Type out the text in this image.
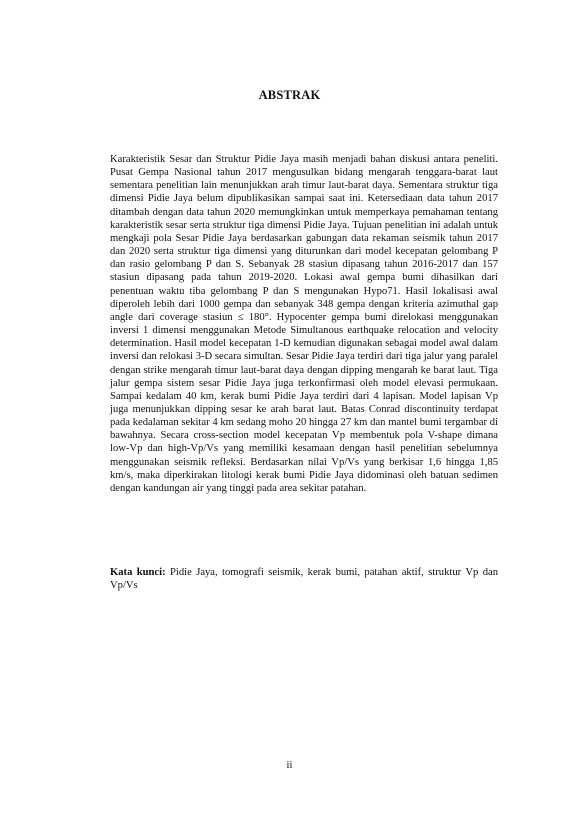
ABSTRAK

Karakteristik Sesar dan Struktur Pidie Jaya masih menjadi bahan diskusi antara peneliti. Pusat Gempa Nasional tahun 2017 mengusulkan bidang mengarah tenggara-barat laut sementara penelitian lain menunjukkan arah timur laut-barat daya. Sementara struktur tiga dimensi Pidie Jaya belum dipublikasikan sampai saat ini. Ketersediaan data tahun 2017 ditambah dengan data tahun 2020 memungkinkan untuk memperkaya pemahaman tentang karakteristik sesar serta struktur tiga dimensi Pidie Jaya. Tujuan penelitian ini adalah untuk mengkaji pola Sesar Pidie Jaya berdasarkan gabungan data rekaman seismik tahun 2017 dan 2020 serta struktur tiga dimensi yang diturunkan dari model kecepatan gelombang P dan rasio gelombang P dan S. Sebanyak 28 stasiun dipasang tahun 2016-2017 dan 157 stasiun dipasang pada tahun 2019-2020. Lokasi awal gempa bumi dihasilkan dari penentuan waktu tiba gelombang P dan S mengunakan Hypo71. Hasil lokalisasi awal diperoleh lebih dari 1000 gempa dan sebanyak 348 gempa dengan kriteria azimuthal gap angle dari coverage stasiun ≤ 180°. Hypocenter gempa bumi direlokasi menggunakan inversi 1 dimensi menggunakan Metode Simultanous earthquake relocation and velocity determination. Hasil model kecepatan 1-D kemudian digunakan sebagai model awal dalam inversi dan relokasi 3-D secara simultan. Sesar Pidie Jaya terdiri dari tiga jalur yang paralel dengan strike mengarah timur laut-barat daya dengan dipping mengarah ke barat laut. Tiga jalur gempa sistem sesar Pidie Jaya juga terkonfirmasi oleh model elevasi permukaan. Sampai kedalam 40 km, kerak bumi Pidie Jaya terdiri dari 4 lapisan. Model lapisan Vp juga menunjukkan dipping sesar ke arah barat laut. Batas Conrad discontinuity terdapat pada kedalaman sekitar 4 km sedang moho 20 hingga 27 km dan mantel bumi tergambar di bawahnya. Secara cross-section model kecepatan Vp membentuk pola V-shape dimana low-Vp dan high-Vp/Vs yang memiliki kesamaan dengan hasil penelitian sebelumnya menggunakan seismik refleksi. Berdasarkan nilai Vp/Vs yang berkisar 1,6 hingga 1,85 km/s, maka diperkirakan litologi kerak bumi Pidie Jaya didominasi oleh batuan sedimen dengan kandungan air yang tinggi pada area sekitar patahan.

Kata kunci: Pidie Jaya, tomografi seismik, kerak bumi, patahan aktif, struktur Vp dan Vp/Vs

ii
